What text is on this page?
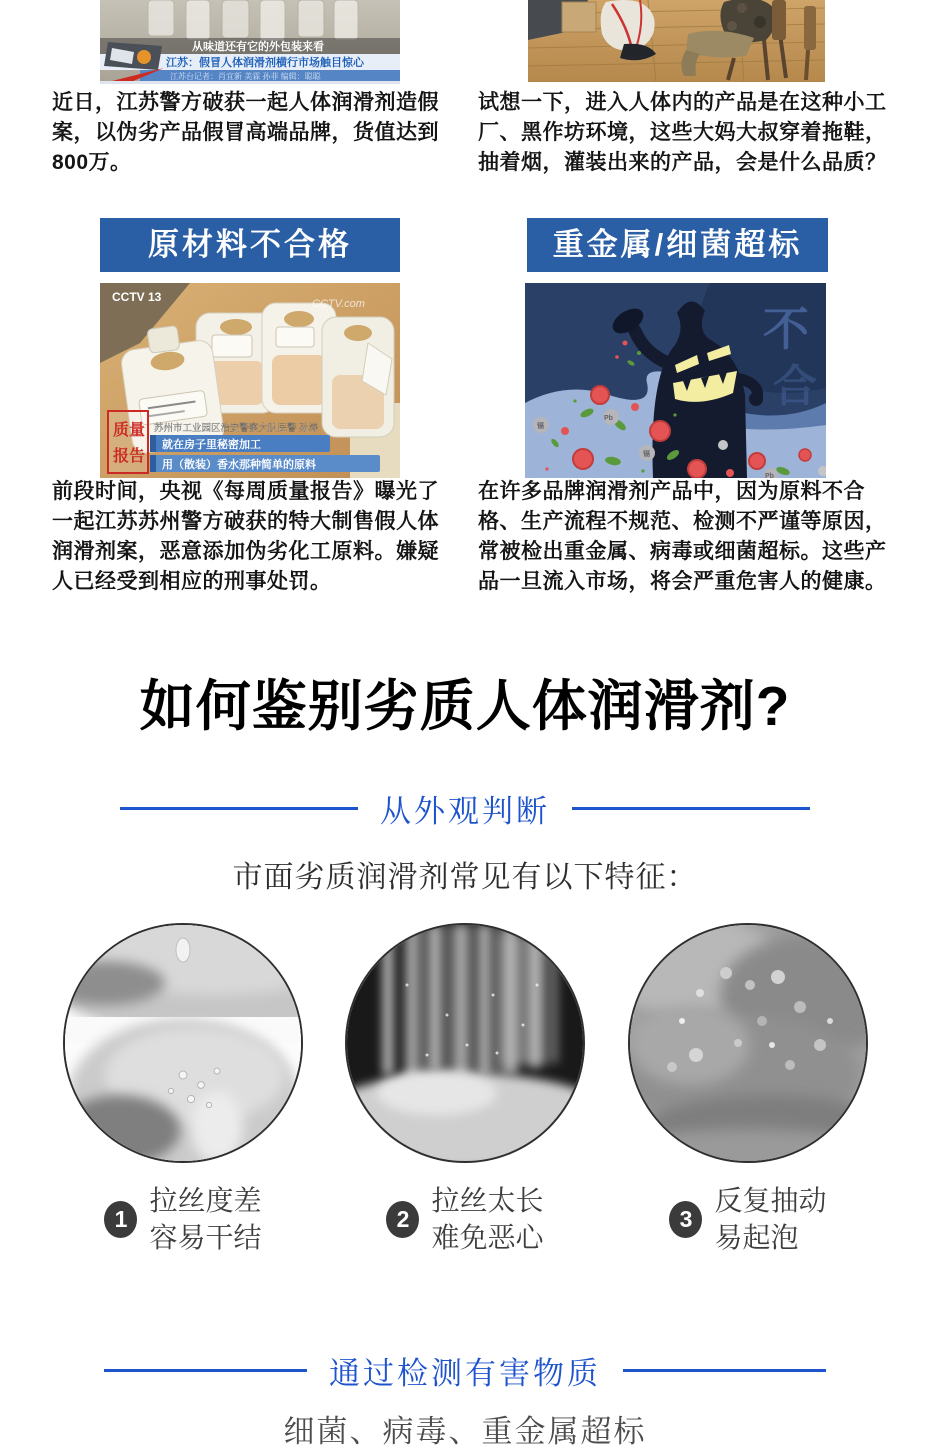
从味道还有它的外包装来看
江苏：假冒人体润滑剂横行市场触目惊心
江苏台记者：肖宜新 美霖 孙菲 编辑：聪聪

近日，江苏警方破获一起人体润滑剂造假案，以伪劣产品假冒高端品牌，货值达到800万。

试想一下，进入人体内的产品是在这种小工厂、黑作坊环境，这些大妈大叔穿着拖鞋，抽着烟，灌装出来的产品，会是什么品质？

原材料不合格	重金属/细菌超标
CCTV 13	CCTV.com
质量
报告
苏州市工业园区治安警察大队民警 孙涛
就在房子里秘密加工
用（散装）香水那种简单的原料
不
合
Pb
镉
镉
Pb

前段时间，央视《每周质量报告》曝光了一起江苏苏州警方破获的特大制售假人体润滑剂案，恶意添加伪劣化工原料。嫌疑人已经受到相应的刑事处罚。

在许多品牌润滑剂产品中，因为原料不合格、生产流程不规范、检测不严谨等原因，常被检出重金属、病毒或细菌超标。这些产品一旦流入市场，将会严重危害人的健康。

如何鉴别劣质人体润滑剂?
从外观判断
市面劣质润滑剂常见有以下特征：
1
拉丝度差
容易干结
2
拉丝太长
难免恶心
3
反复抽动
易起泡
通过检测有害物质
细菌、病毒、重金属超标
